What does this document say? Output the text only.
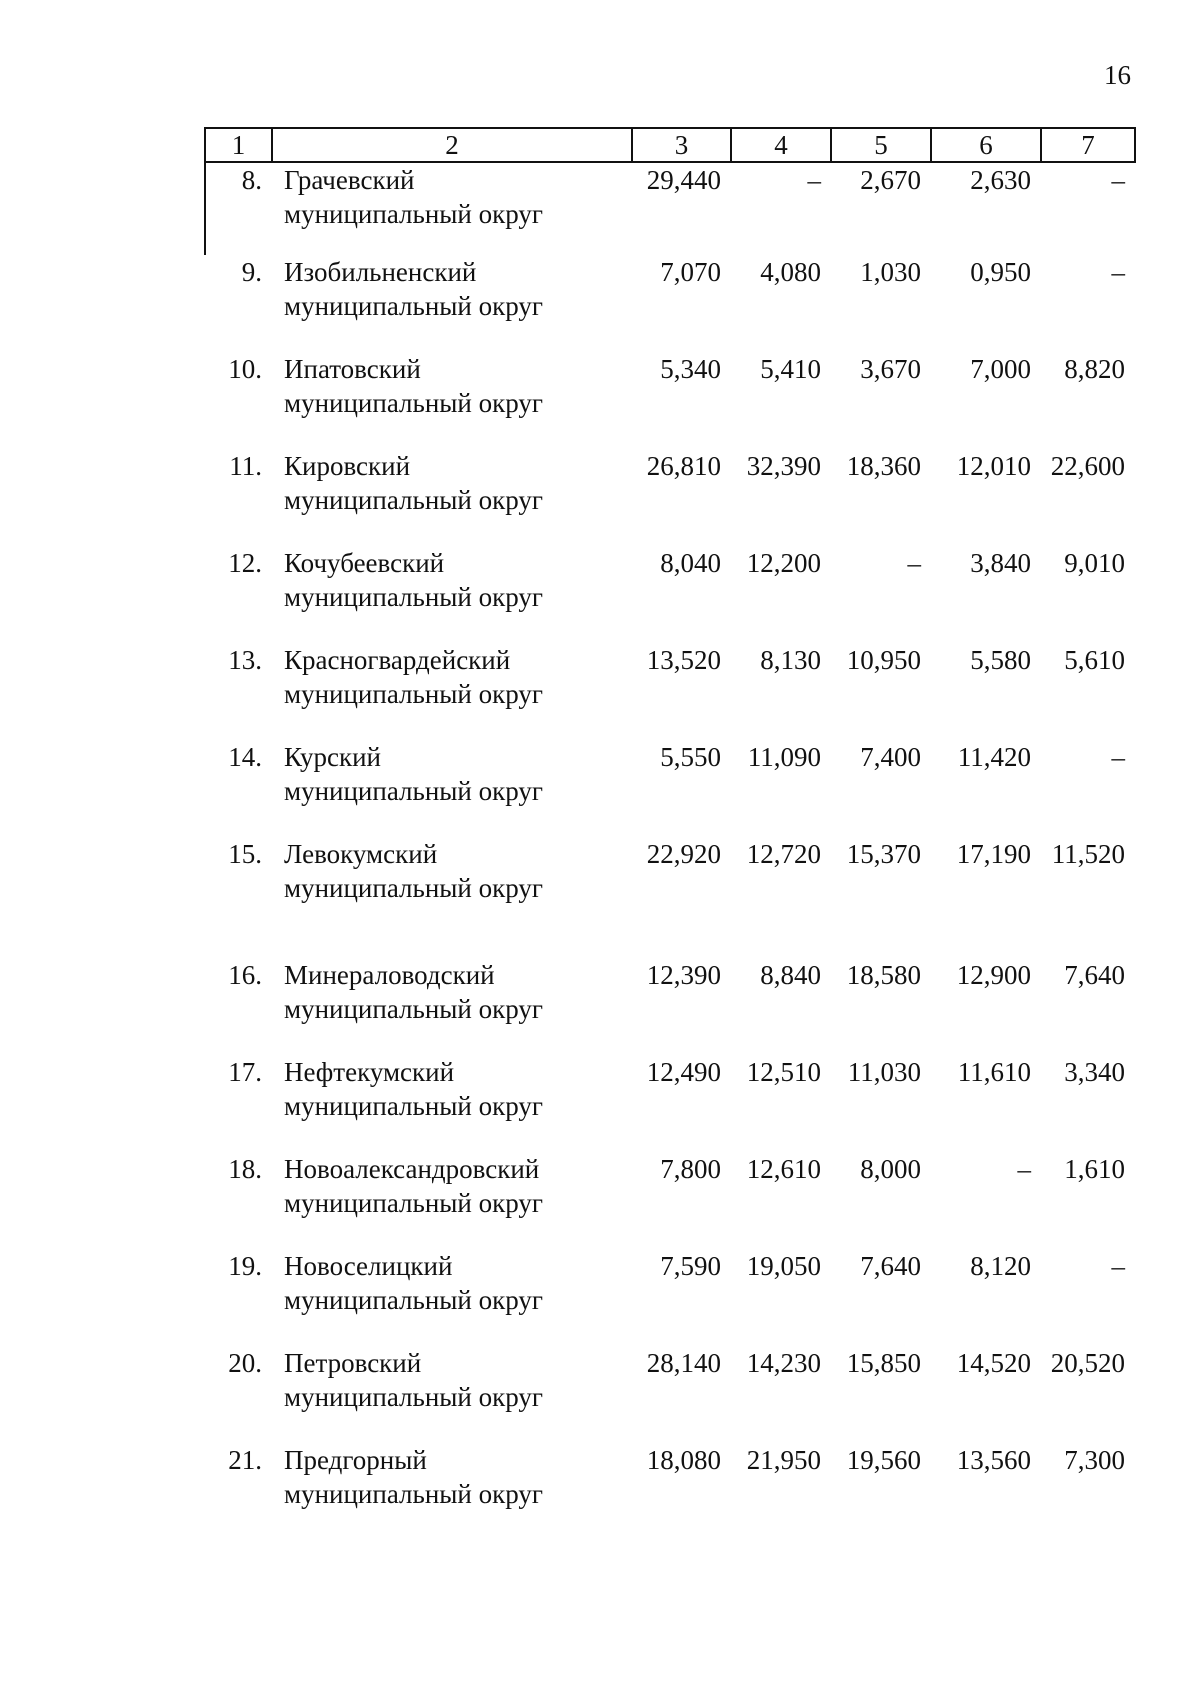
16
1	2	3	4	5	6	7
8.	Грачевский
муниципальный округ	29,440	–	2,670	2,630	–
9.	Изобильненский
муниципальный округ	7,070	4,080	1,030	0,950	–
10.	Ипатовский
муниципальный округ	5,340	5,410	3,670	7,000	8,820
11.	Кировский
муниципальный округ	26,810	32,390	18,360	12,010	22,600
12.	Кочубеевский
муниципальный округ	8,040	12,200	–	3,840	9,010
13.	Красногвардейский
муниципальный округ	13,520	8,130	10,950	5,580	5,610
14.	Курский
муниципальный округ	5,550	11,090	7,400	11,420	–
15.	Левокумский
муниципальный округ	22,920	12,720	15,370	17,190	11,520
16.	Минераловодский
муниципальный округ	12,390	8,840	18,580	12,900	7,640
17.	Нефтекумский
муниципальный округ	12,490	12,510	11,030	11,610	3,340
18.	Новоалександровский
муниципальный округ	7,800	12,610	8,000	–	1,610
19.	Новоселицкий
муниципальный округ	7,590	19,050	7,640	8,120	–
20.	Петровский
муниципальный округ	28,140	14,230	15,850	14,520	20,520
21.	Предгорный
муниципальный округ	18,080	21,950	19,560	13,560	7,300
